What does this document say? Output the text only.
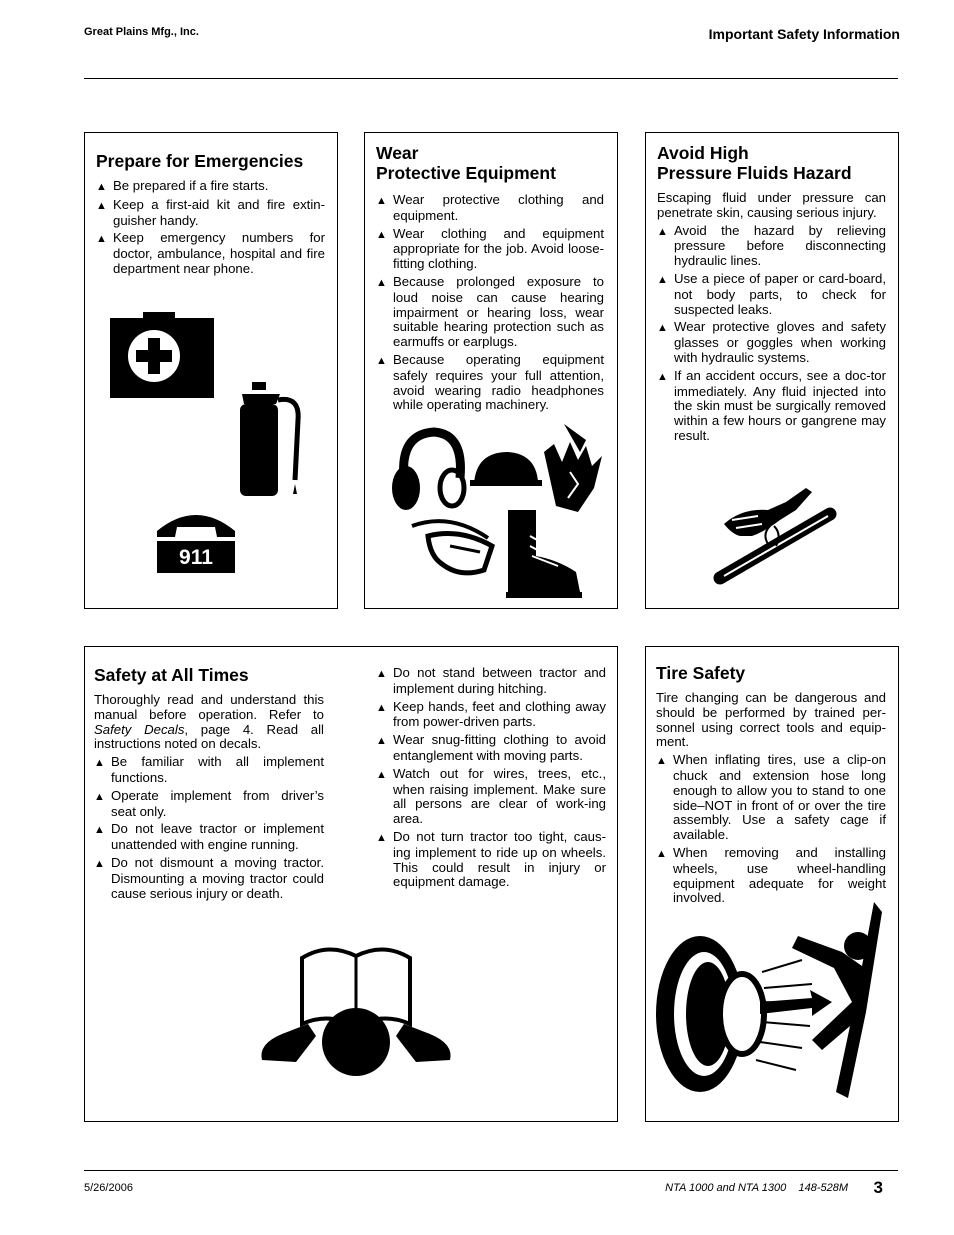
Great Plains Mfg., Inc.	Important Safety Information
Prepare for Emergencies
▲ Be prepared if a fire starts.
▲ Keep a first-aid kit and fire extin-guisher handy.
▲ Keep emergency numbers for doctor, ambulance, hospital and fire department near phone.
911
Wear
Protective Equipment
▲ Wear protective clothing and equipment.
▲ Wear clothing and equipment appropriate for the job. Avoid loose-fitting clothing.
▲ Because prolonged exposure to loud noise can cause hearing impairment or hearing loss, wear suitable hearing protection such as earmuffs or earplugs.
▲ Because operating equipment safely requires your full attention, avoid wearing radio headphones while operating machinery.
Avoid High
Pressure Fluids Hazard

Escaping fluid under pressure can penetrate skin, causing serious injury.

▲ Avoid the hazard by relieving pressure before disconnecting hydraulic lines.
▲ Use a piece of paper or card-board, not body parts, to check for suspected leaks.
▲ Wear protective gloves and safety glasses or goggles when working with hydraulic systems.
▲ If an accident occurs, see a doc-tor immediately. Any fluid injected into the skin must be surgically removed within a few hours or gangrene may result.
Safety at All Times

Thoroughly read and understand this manual before operation. Refer to Safety Decals, page 4. Read all instructions noted on decals.

▲ Be familiar with all implement functions.
▲ Operate implement from driver’s seat only.
▲ Do not leave tractor or implement unattended with engine running.
▲ Do not dismount a moving tractor. Dismounting a moving tractor could cause serious injury or death.
▲ Do not stand between tractor and implement during hitching.
▲ Keep hands, feet and clothing away from power-driven parts.
▲ Wear snug-fitting clothing to avoid entanglement with moving parts.
▲ Watch out for wires, trees, etc., when raising implement. Make sure all persons are clear of work-ing area.
▲ Do not turn tractor too tight, caus-ing implement to ride up on wheels. This could result in injury or equipment damage.
Tire Safety

Tire changing can be dangerous and should be performed by trained per-sonnel using correct tools and equip-ment.

▲ When inflating tires, use a clip-on chuck and extension hose long enough to allow you to stand to one side–NOT in front of or over the tire assembly. Use a safety cage if available.
▲ When removing and installing wheels, use wheel-handling equipment adequate for weight involved.
5/26/2006	NTA 1000 and NTA 1300    148-528M 3
